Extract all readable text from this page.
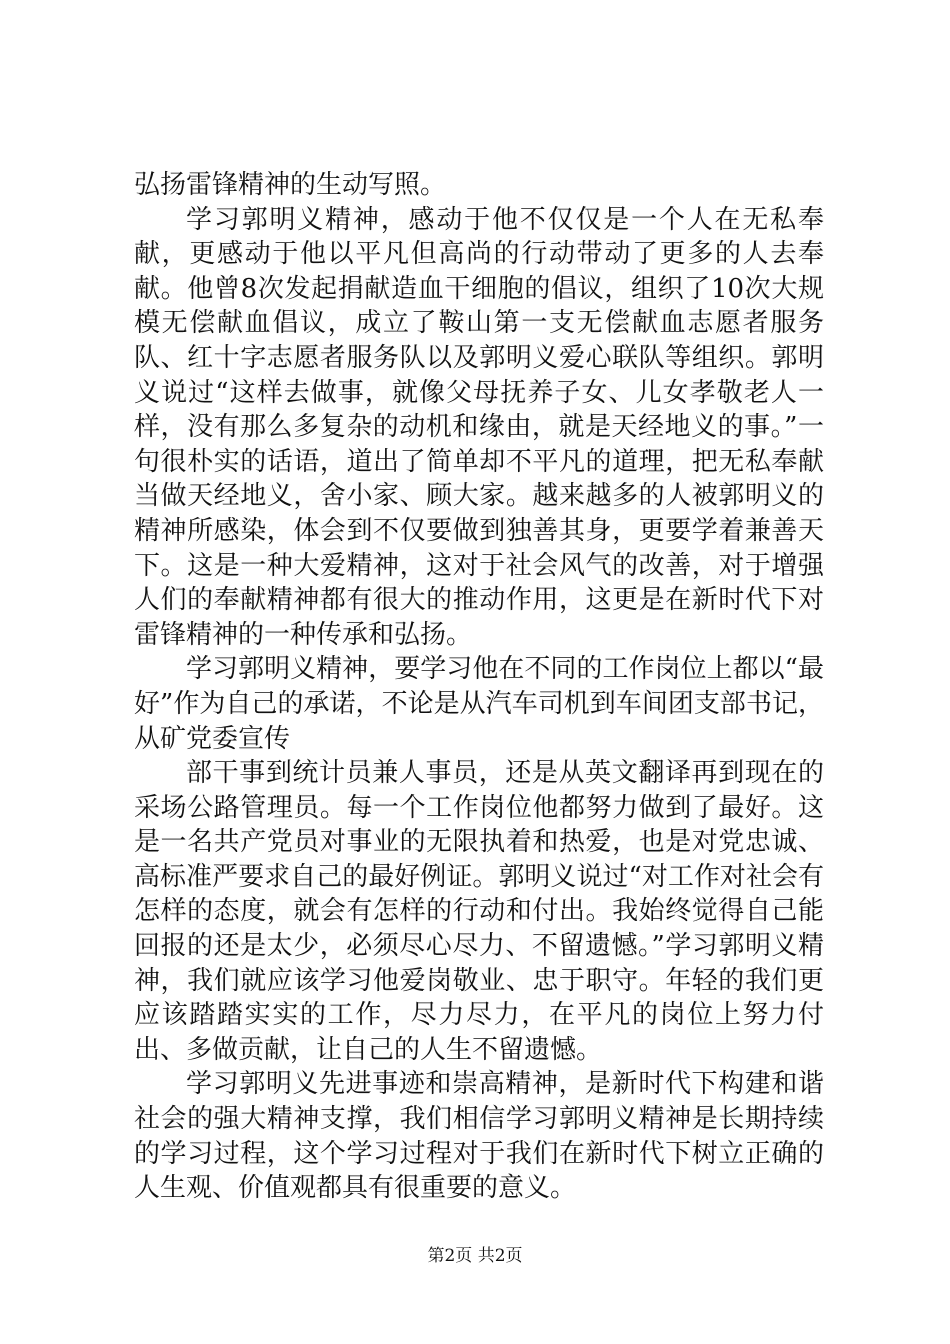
弘扬雷锋精神的生动写照。

学习郭明义精神，感动于他不仅仅是一个人在无私奉献，更感动于他以平凡但高尚的行动带动了更多的人去奉献。他曾8次发起捐献造血干细胞的倡议，组织了10次大规模无偿献血倡议，成立了鞍山第一支无偿献血志愿者服务队、红十字志愿者服务队以及郭明义爱心联队等组织。郭明义说过“这样去做事，就像父母抚养子女、儿女孝敬老人一样，没有那么多复杂的动机和缘由，就是天经地义的事。”一句很朴实的话语，道出了简单却不平凡的道理，把无私奉献当做天经地义，舍小家、顾大家。越来越多的人被郭明义的精神所感染，体会到不仅要做到独善其身，更要学着兼善天下。这是一种大爱精神，这对于社会风气的改善，对于增强人们的奉献精神都有很大的推动作用，这更是在新时代下对雷锋精神的一种传承和弘扬。

学习郭明义精神，要学习他在不同的工作岗位上都以“最好”作为自己的承诺，不论是从汽车司机到车间团支部书记，从矿党委宣传

部干事到统计员兼人事员，还是从英文翻译再到现在的采场公路管理员。每一个工作岗位他都努力做到了最好。这是一名共产党员对事业的无限执着和热爱，也是对党忠诚、高标准严要求自己的最好例证。郭明义说过“对工作对社会有怎样的态度，就会有怎样的行动和付出。我始终觉得自己能回报的还是太少，必须尽心尽力、不留遗憾。”学习郭明义精神，我们就应该学习他爱岗敬业、忠于职守。年轻的我们更应该踏踏实实的工作，尽力尽力，在平凡的岗位上努力付出、多做贡献，让自己的人生不留遗憾。

学习郭明义先进事迹和崇高精神，是新时代下构建和谐社会的强大精神支撑，我们相信学习郭明义精神是长期持续的学习过程，这个学习过程对于我们在新时代下树立正确的人生观、价值观都具有很重要的意义。

第2页 共2页
